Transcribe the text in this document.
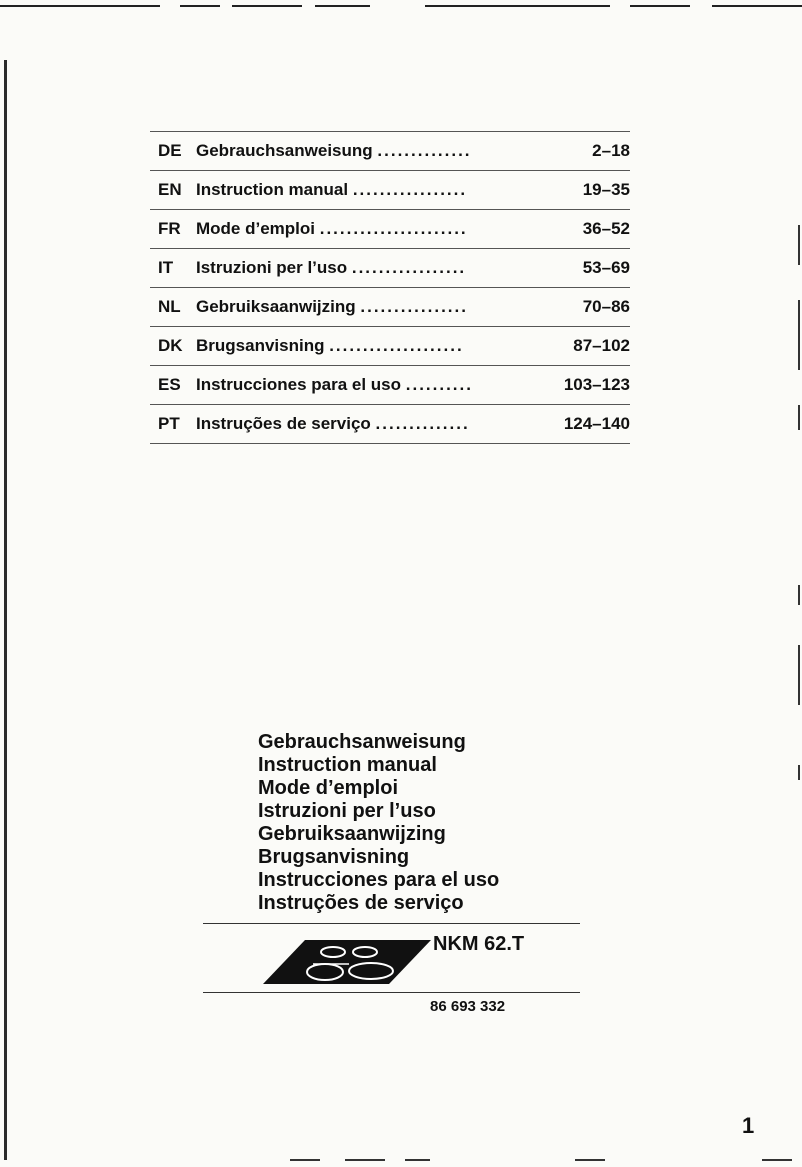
DE Gebrauchsanweisung ..............	2–18
EN Instruction manual .................	19–35
FR Mode d’emploi ......................	36–52
IT Istruzioni per l’uso .................	53–69
NL Gebruiksaanwijzing ................	70–86
DK Brugsanvisning ....................	87–102
ES Instrucciones para el uso ..........	103–123
PT Instruções de serviço ..............	124–140
Gebrauchsanweisung
Instruction manual
Mode d’emploi
Istruzioni per l’uso
Gebruiksaanwijzing
Brugsanvisning
Instrucciones para el uso
Instruções de serviço
NKM 62.T
86 693 332
1
